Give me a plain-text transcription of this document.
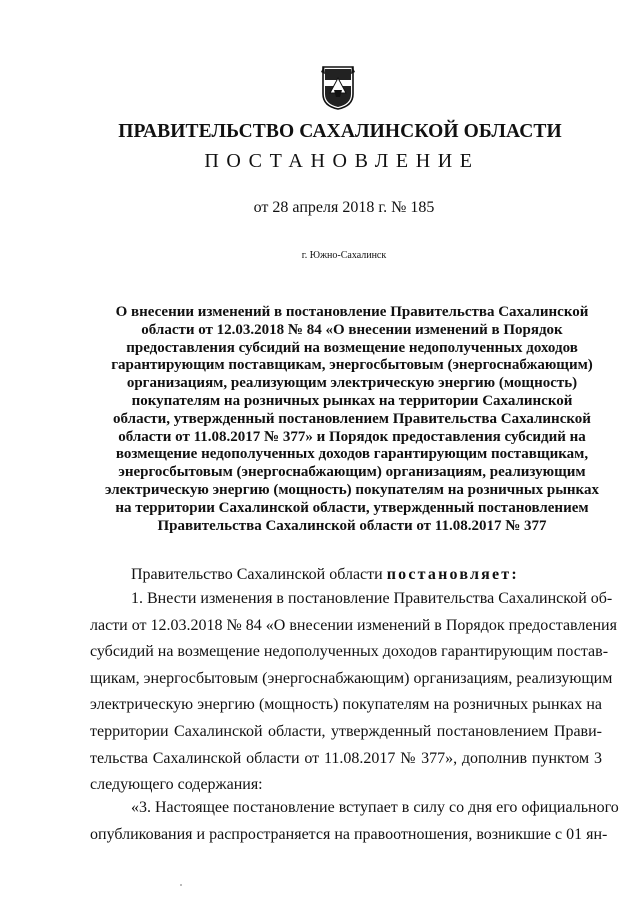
ПРАВИТЕЛЬСТВО САХАЛИНСКОЙ ОБЛАСТИ
ПОСТАНОВЛЕНИЕ
от 28 апреля 2018 г. № 185
г. Южно-Сахалинск
О внесении изменений в постановление Правительства Сахалинской
области от 12.03.2018 № 84 «О внесении изменений в Порядок
предоставления субсидий на возмещение недополученных доходов
гарантирующим поставщикам, энергосбытовым (энергоснабжающим)
организациям, реализующим электрическую энергию (мощность)
покупателям на розничных рынках на территории Сахалинской
области, утвержденный постановлением Правительства Сахалинской
области от 11.08.2017 № 377» и Порядок предоставления субсидий на
возмещение недополученных доходов гарантирующим поставщикам,
энергосбытовым (энергоснабжающим) организациям, реализующим
электрическую энергию (мощность) покупателям на розничных рынках
на территории Сахалинской области, утвержденный постановлением
Правительства Сахалинской области от 11.08.2017 № 377
Правительство Сахалинской области постановляет:
1. Внести изменения в постановление Правительства Сахалинской об-
ласти от 12.03.2018 № 84 «О внесении изменений в Порядок предоставления
субсидий на возмещение недополученных доходов гарантирующим постав-
щикам, энергосбытовым (энергоснабжающим) организациям, реализующим
электрическую энергию (мощность) покупателям на розничных рынках на
территории Сахалинской области, утвержденный постановлением Прави-
тельства Сахалинской области от 11.08.2017 № 377», дополнив пунктом 3
следующего содержания:
«3. Настоящее постановление вступает в силу со дня его официального
опубликования и распространяется на правоотношения, возникшие с 01 ян-
